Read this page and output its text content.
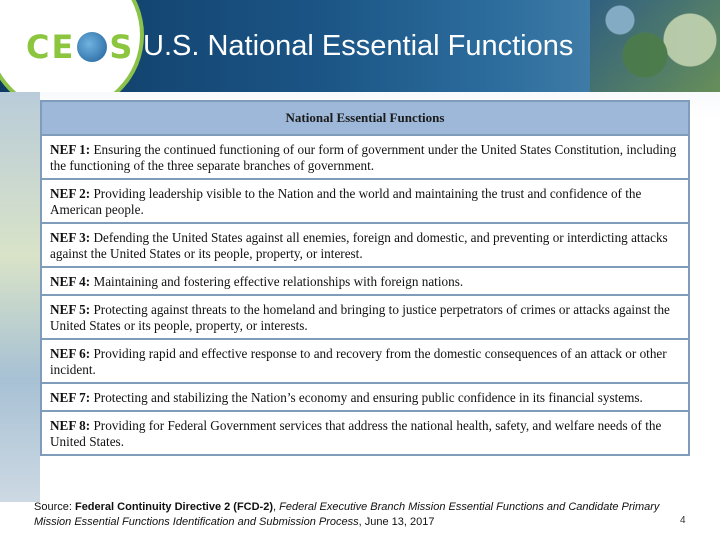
CE S U.S. National Essential Functions
National Essential Functions
NEF 1: Ensuring the continued functioning of our form of government under the United States Constitution, including the functioning of the three separate branches of government.
NEF 2: Providing leadership visible to the Nation and the world and maintaining the trust and confidence of the American people.
NEF 3: Defending the United States against all enemies, foreign and domestic, and preventing or interdicting attacks against the United States or its people, property, or interest.
NEF 4: Maintaining and fostering effective relationships with foreign nations.
NEF 5: Protecting against threats to the homeland and bringing to justice perpetrators of crimes or attacks against the United States or its people, property, or interests.
NEF 6: Providing rapid and effective response to and recovery from the domestic consequences of an attack or other incident.
NEF 7: Protecting and stabilizing the Nation’s economy and ensuring public confidence in its financial systems.
NEF 8: Providing for Federal Government services that address the national health, safety, and welfare needs of the United States.
Source: Federal Continuity Directive 2 (FCD-2), Federal Executive Branch Mission Essential Functions and Candidate Primary Mission Essential Functions Identification and Submission Process, June 13, 2017	4
